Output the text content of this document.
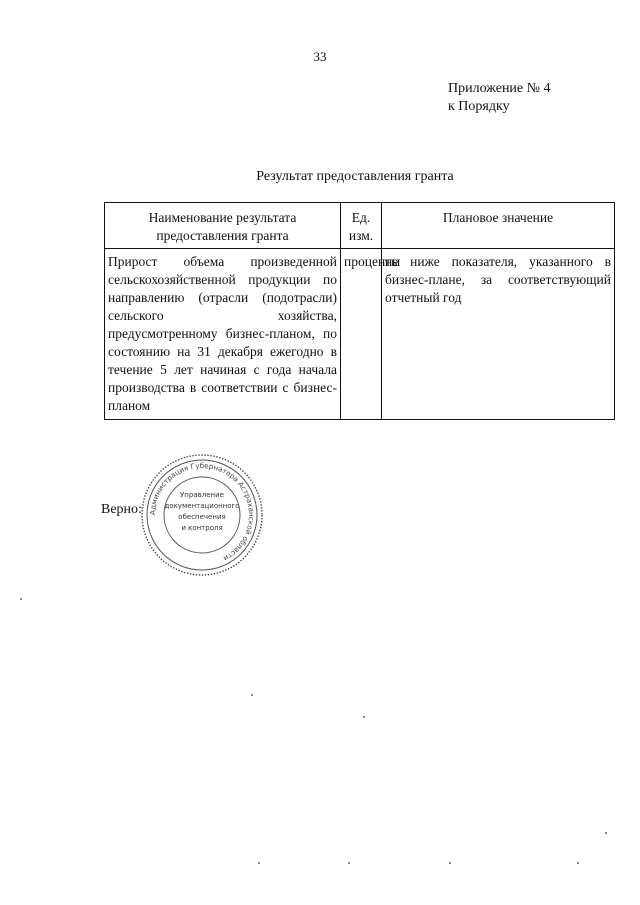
33
Приложение № 4
к Порядку
Результат предоставления гранта
Наименование результата предоставления гранта	Ед. изм.	Плановое значение
Прирост объема произведенной сельскохозяйственной продукции по направлению (отрасли (подотрасли) сельского хозяйства, предусмотренному бизнес-планом, по состоянию на 31 декабря ежегодно в течение 5 лет начиная с года начала производства в соответствии с бизнес-планом	проценты	не ниже показателя, указанного в бизнес-плане, за соответствующий отчетный год
Верно: Администрация Губернатора Астраханской области
Управление
документационного
обеспечения
и контроля
